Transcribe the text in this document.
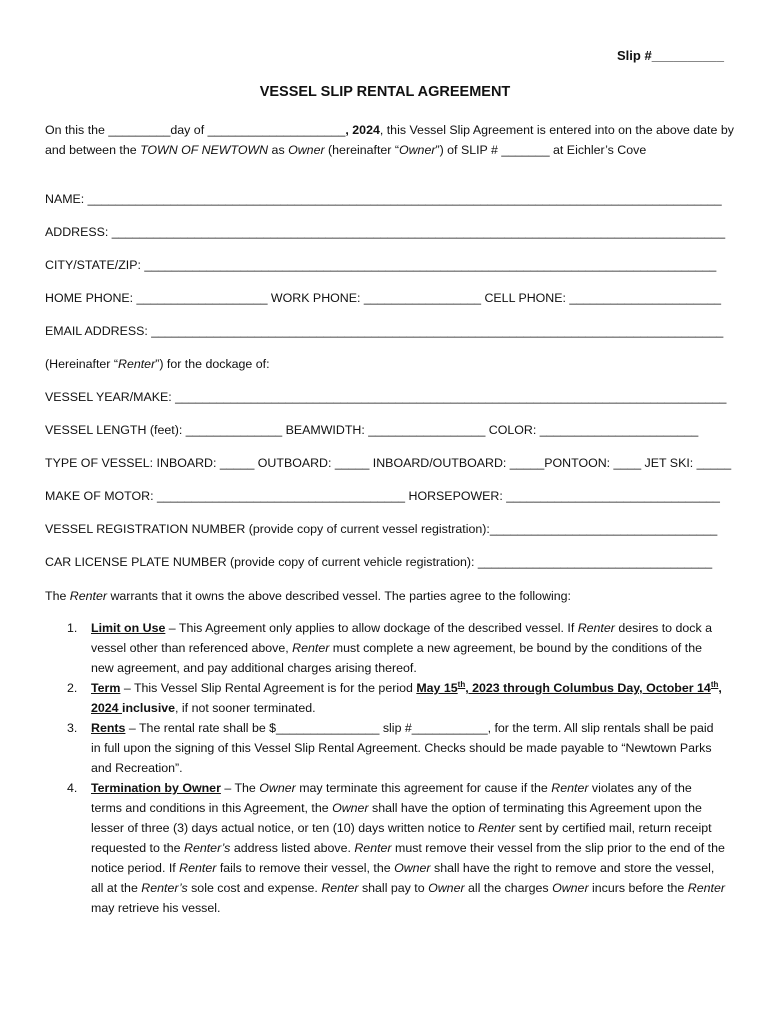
Slip #__________
VESSEL SLIP RENTAL AGREEMENT
On this the _________day of ____________________, 2024, this Vessel Slip Agreement is entered into on the above date by and between the TOWN OF NEWTOWN as Owner (hereinafter “Owner”) of SLIP # _______ at Eichler’s Cove
NAME: ____________________________________________________________________________________________
ADDRESS: _________________________________________________________________________________________
CITY/STATE/ZIP: ___________________________________________________________________________________
HOME PHONE: ___________________ WORK PHONE: _________________ CELL PHONE: ______________________
EMAIL ADDRESS: ___________________________________________________________________________________
(Hereinafter “Renter”) for the dockage of:
VESSEL YEAR/MAKE: ________________________________________________________________________________
VESSEL LENGTH (feet): ______________ BEAMWIDTH: _________________ COLOR: _______________________
TYPE OF VESSEL: INBOARD: _____ OUTBOARD: _____ INBOARD/OUTBOARD: _____PONTOON: ____ JET SKI: _____
MAKE OF MOTOR: ____________________________________ HORSEPOWER: _______________________________
VESSEL REGISTRATION NUMBER (provide copy of current vessel registration):_________________________________
CAR LICENSE PLATE NUMBER (provide copy of current vehicle registration): __________________________________
The Renter warrants that it owns the above described vessel. The parties agree to the following:
1. Limit on Use – This Agreement only applies to allow dockage of the described vessel. If Renter desires to dock a vessel other than referenced above, Renter must complete a new agreement, be bound by the conditions of the new agreement, and pay additional charges arising thereof.
2. Term – This Vessel Slip Rental Agreement is for the period May 15th, 2023 through Columbus Day, October 14th, 2024 inclusive, if not sooner terminated.
3. Rents – The rental rate shall be $_______________ slip #___________, for the term. All slip rentals shall be paid in full upon the signing of this Vessel Slip Rental Agreement. Checks should be made payable to “Newtown Parks and Recreation”.
4. Termination by Owner – The Owner may terminate this agreement for cause if the Renter violates any of the terms and conditions in this Agreement, the Owner shall have the option of terminating this Agreement upon the lesser of three (3) days actual notice, or ten (10) days written notice to Renter sent by certified mail, return receipt requested to the Renter’s address listed above. Renter must remove their vessel from the slip prior to the end of the notice period. If Renter fails to remove their vessel, the Owner shall have the right to remove and store the vessel, all at the Renter’s sole cost and expense. Renter shall pay to Owner all the charges Owner incurs before the Renter may retrieve his vessel.
